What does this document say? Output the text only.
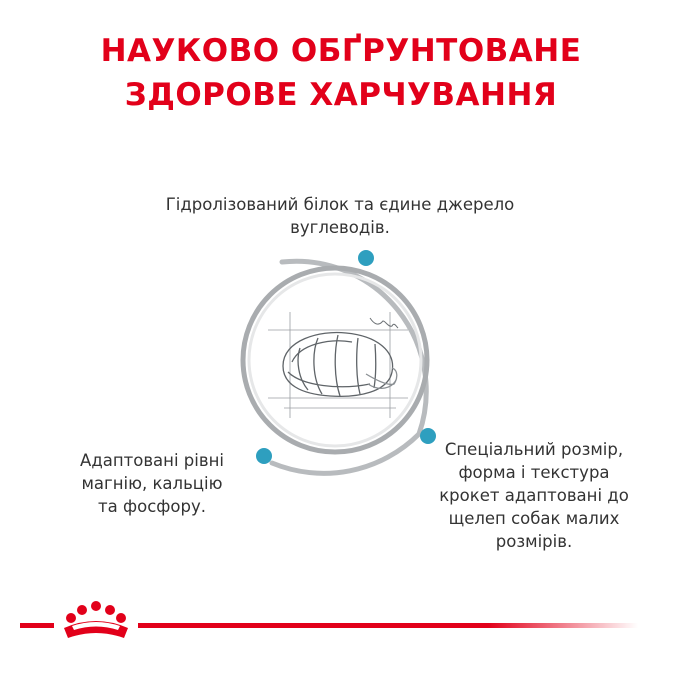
НАУКОВО ОБҐРУНТОВАНЕ
ЗДОРОВЕ ХАРЧУВАННЯ
Гідролізований білок та єдине джерело
вуглеводів.
Адаптовані рівні
магнію, кальцію
та фосфору.
Спеціальний розмір,
форма і текстура
крокет адаптовані до
щелеп собак малих
розмірів.
